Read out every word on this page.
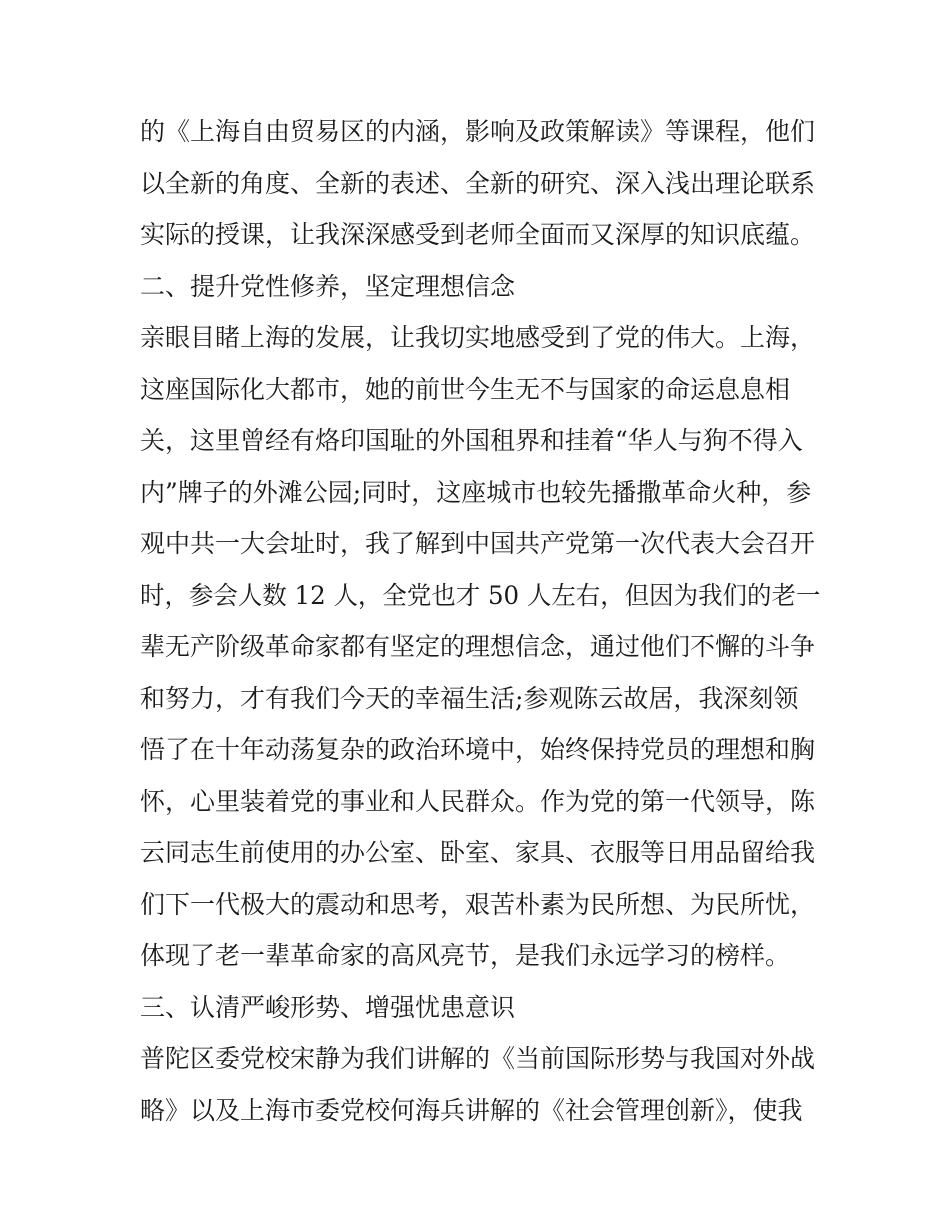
的《上海自由贸易区的内涵，影响及政策解读》等课程，他们
以全新的角度、全新的表述、全新的研究、深入浅出理论联系
实际的授课，让我深深感受到老师全面而又深厚的知识底蕴。
二、提升党性修养，坚定理想信念
亲眼目睹上海的发展，让我切实地感受到了党的伟大。上海，
这座国际化大都市，她的前世今生无不与国家的命运息息相
关，这里曾经有烙印国耻的外国租界和挂着“华人与狗不得入
内”牌子的外滩公园;同时，这座城市也较先播撒革命火种，参
观中共一大会址时，我了解到中国共产党第一次代表大会召开
时，参会人数 12 人，全党也才 50 人左右，但因为我们的老一
辈无产阶级革命家都有坚定的理想信念，通过他们不懈的斗争
和努力，才有我们今天的幸福生活;参观陈云故居，我深刻领
悟了在十年动荡复杂的政治环境中，始终保持党员的理想和胸
怀，心里装着党的事业和人民群众。作为党的第一代领导，陈
云同志生前使用的办公室、卧室、家具、衣服等日用品留给我
们下一代极大的震动和思考，艰苦朴素为民所想、为民所忧，
体现了老一辈革命家的高风亮节，是我们永远学习的榜样。
三、认清严峻形势、增强忧患意识
普陀区委党校宋静为我们讲解的《当前国际形势与我国对外战
略》以及上海市委党校何海兵讲解的《社会管理创新》，使我
